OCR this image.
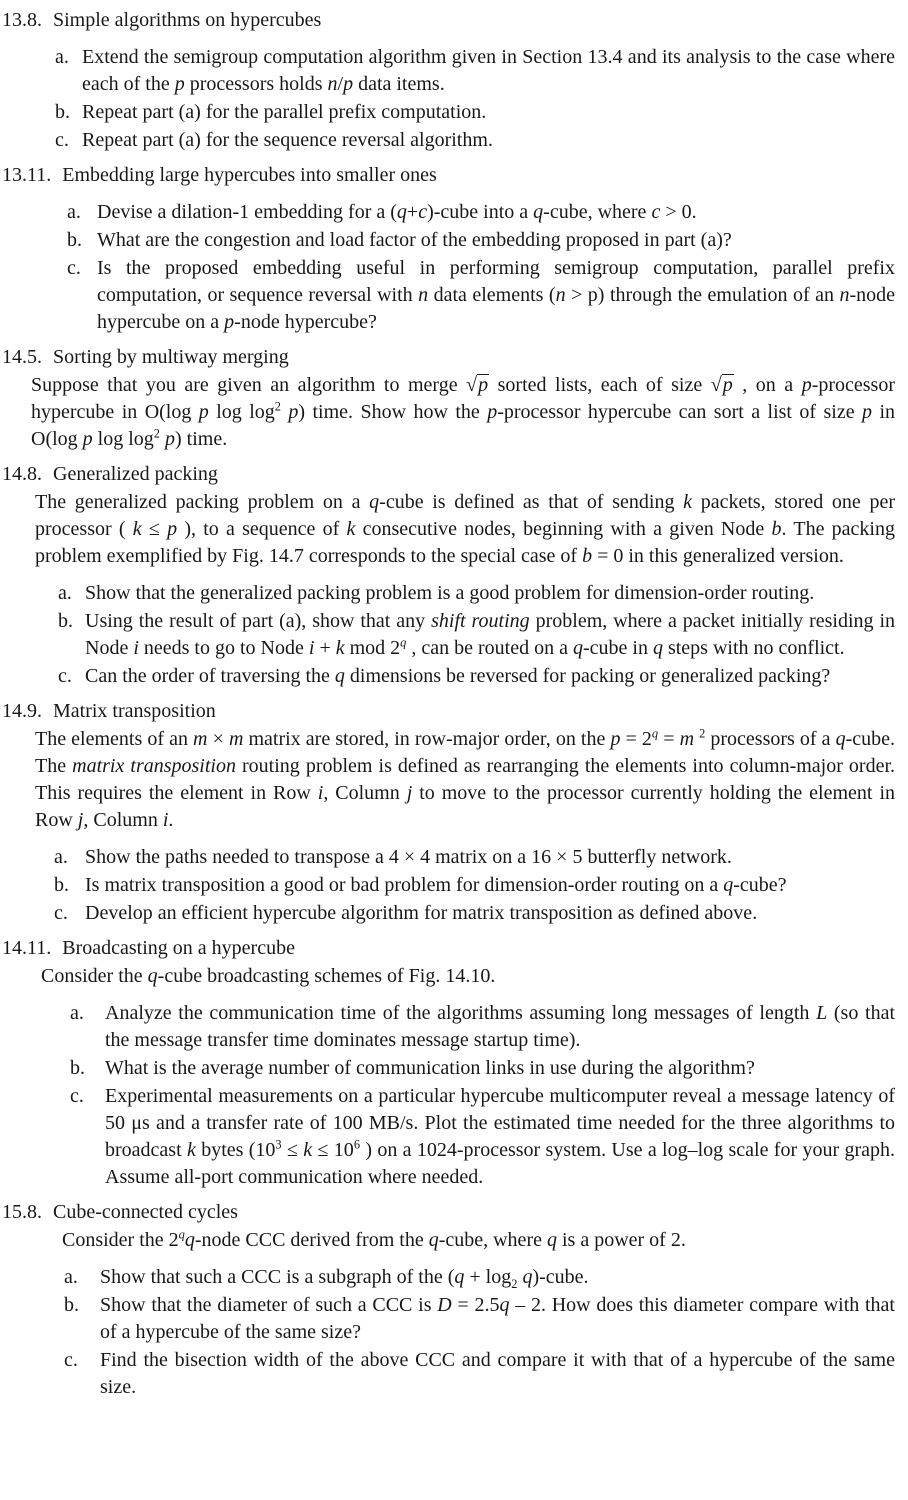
13.8. Simple algorithms on hypercubes
a. Extend the semigroup computation algorithm given in Section 13.4 and its analysis to the case where each of the p processors holds n/p data items.
b. Repeat part (a) for the parallel prefix computation.
c. Repeat part (a) for the sequence reversal algorithm.
13.11. Embedding large hypercubes into smaller ones
a. Devise a dilation-1 embedding for a (q+c)-cube into a q-cube, where c > 0.
b. What are the congestion and load factor of the embedding proposed in part (a)?
c. Is the proposed embedding useful in performing semigroup computation, parallel prefix computation, or sequence reversal with n data elements (n > p) through the emulation of an n-node hypercube on a p-node hypercube?
14.5. Sorting by multiway merging

Suppose that you are given an algorithm to merge √p sorted lists, each of size √p , on a p-processor hypercube in O(log p $\log \log^2 p$) time. Show how the p-processor hypercube can sort a list of size p in O(log p $\log \log^2 p$) time.

14.8. Generalized packing

The generalized packing problem on a q-cube is defined as that of sending k packets, stored one per processor ( k ≤ p ), to a sequence of k consecutive nodes, beginning with a given Node b. The packing problem exemplified by Fig. 14.7 corresponds to the special case of b = 0 in this generalized version.

a. Show that the generalized packing problem is a good problem for dimension-order routing.
b. Using the result of part (a), show that any shift routing problem, where a packet initially residing in Node i needs to go to Node i + k mod 2$^q$ , can be routed on a q-cube in q steps with no conflict.
c. Can the order of traversing the q dimensions be reversed for packing or generalized packing?
14.9. Matrix transposition

The elements of an m × m matrix are stored, in row-major order, on the $p = 2^q = m$ $^2$ processors of a q-cube. The matrix transposition routing problem is defined as rearranging the elements into column-major order. This requires the element in Row i, Column j to move to the processor currently holding the element in Row j, Column i.

a. Show the paths needed to transpose a 4 × 4 matrix on a 16 × 5 butterfly network.
b. Is matrix transposition a good or bad problem for dimension-order routing on a q-cube?
c. Develop an efficient hypercube algorithm for matrix transposition as defined above.
14.11. Broadcasting on a hypercube

Consider the q-cube broadcasting schemes of Fig. 14.10.

a.	Analyze the communication time of the algorithms assuming long messages of length L (so that the message transfer time dominates message startup time).
b.	What is the average number of communication links in use during the algorithm?
c.	Experimental measurements on a particular hypercube multicomputer reveal a message latency of 50 μs and a transfer rate of 100 MB/s. Plot the estimated time needed for the three algorithms to broadcast k bytes ($10^3 \le k \le 10^6$ ) on a 1024-processor system. Use a log–log scale for your graph. Assume all-port communication where needed.
15.8. Cube-connected cycles

Consider the 2$^q$q-node CCC derived from the q-cube, where q is a power of 2.

a.	Show that such a CCC is a subgraph of the ($q + \log_2$ q)-cube.
b.	Show that the diameter of such a CCC is D = 2.5q – 2. How does this diameter compare with that of a hypercube of the same size?
c.	Find the bisection width of the above CCC and compare it with that of a hypercube of the same size.
